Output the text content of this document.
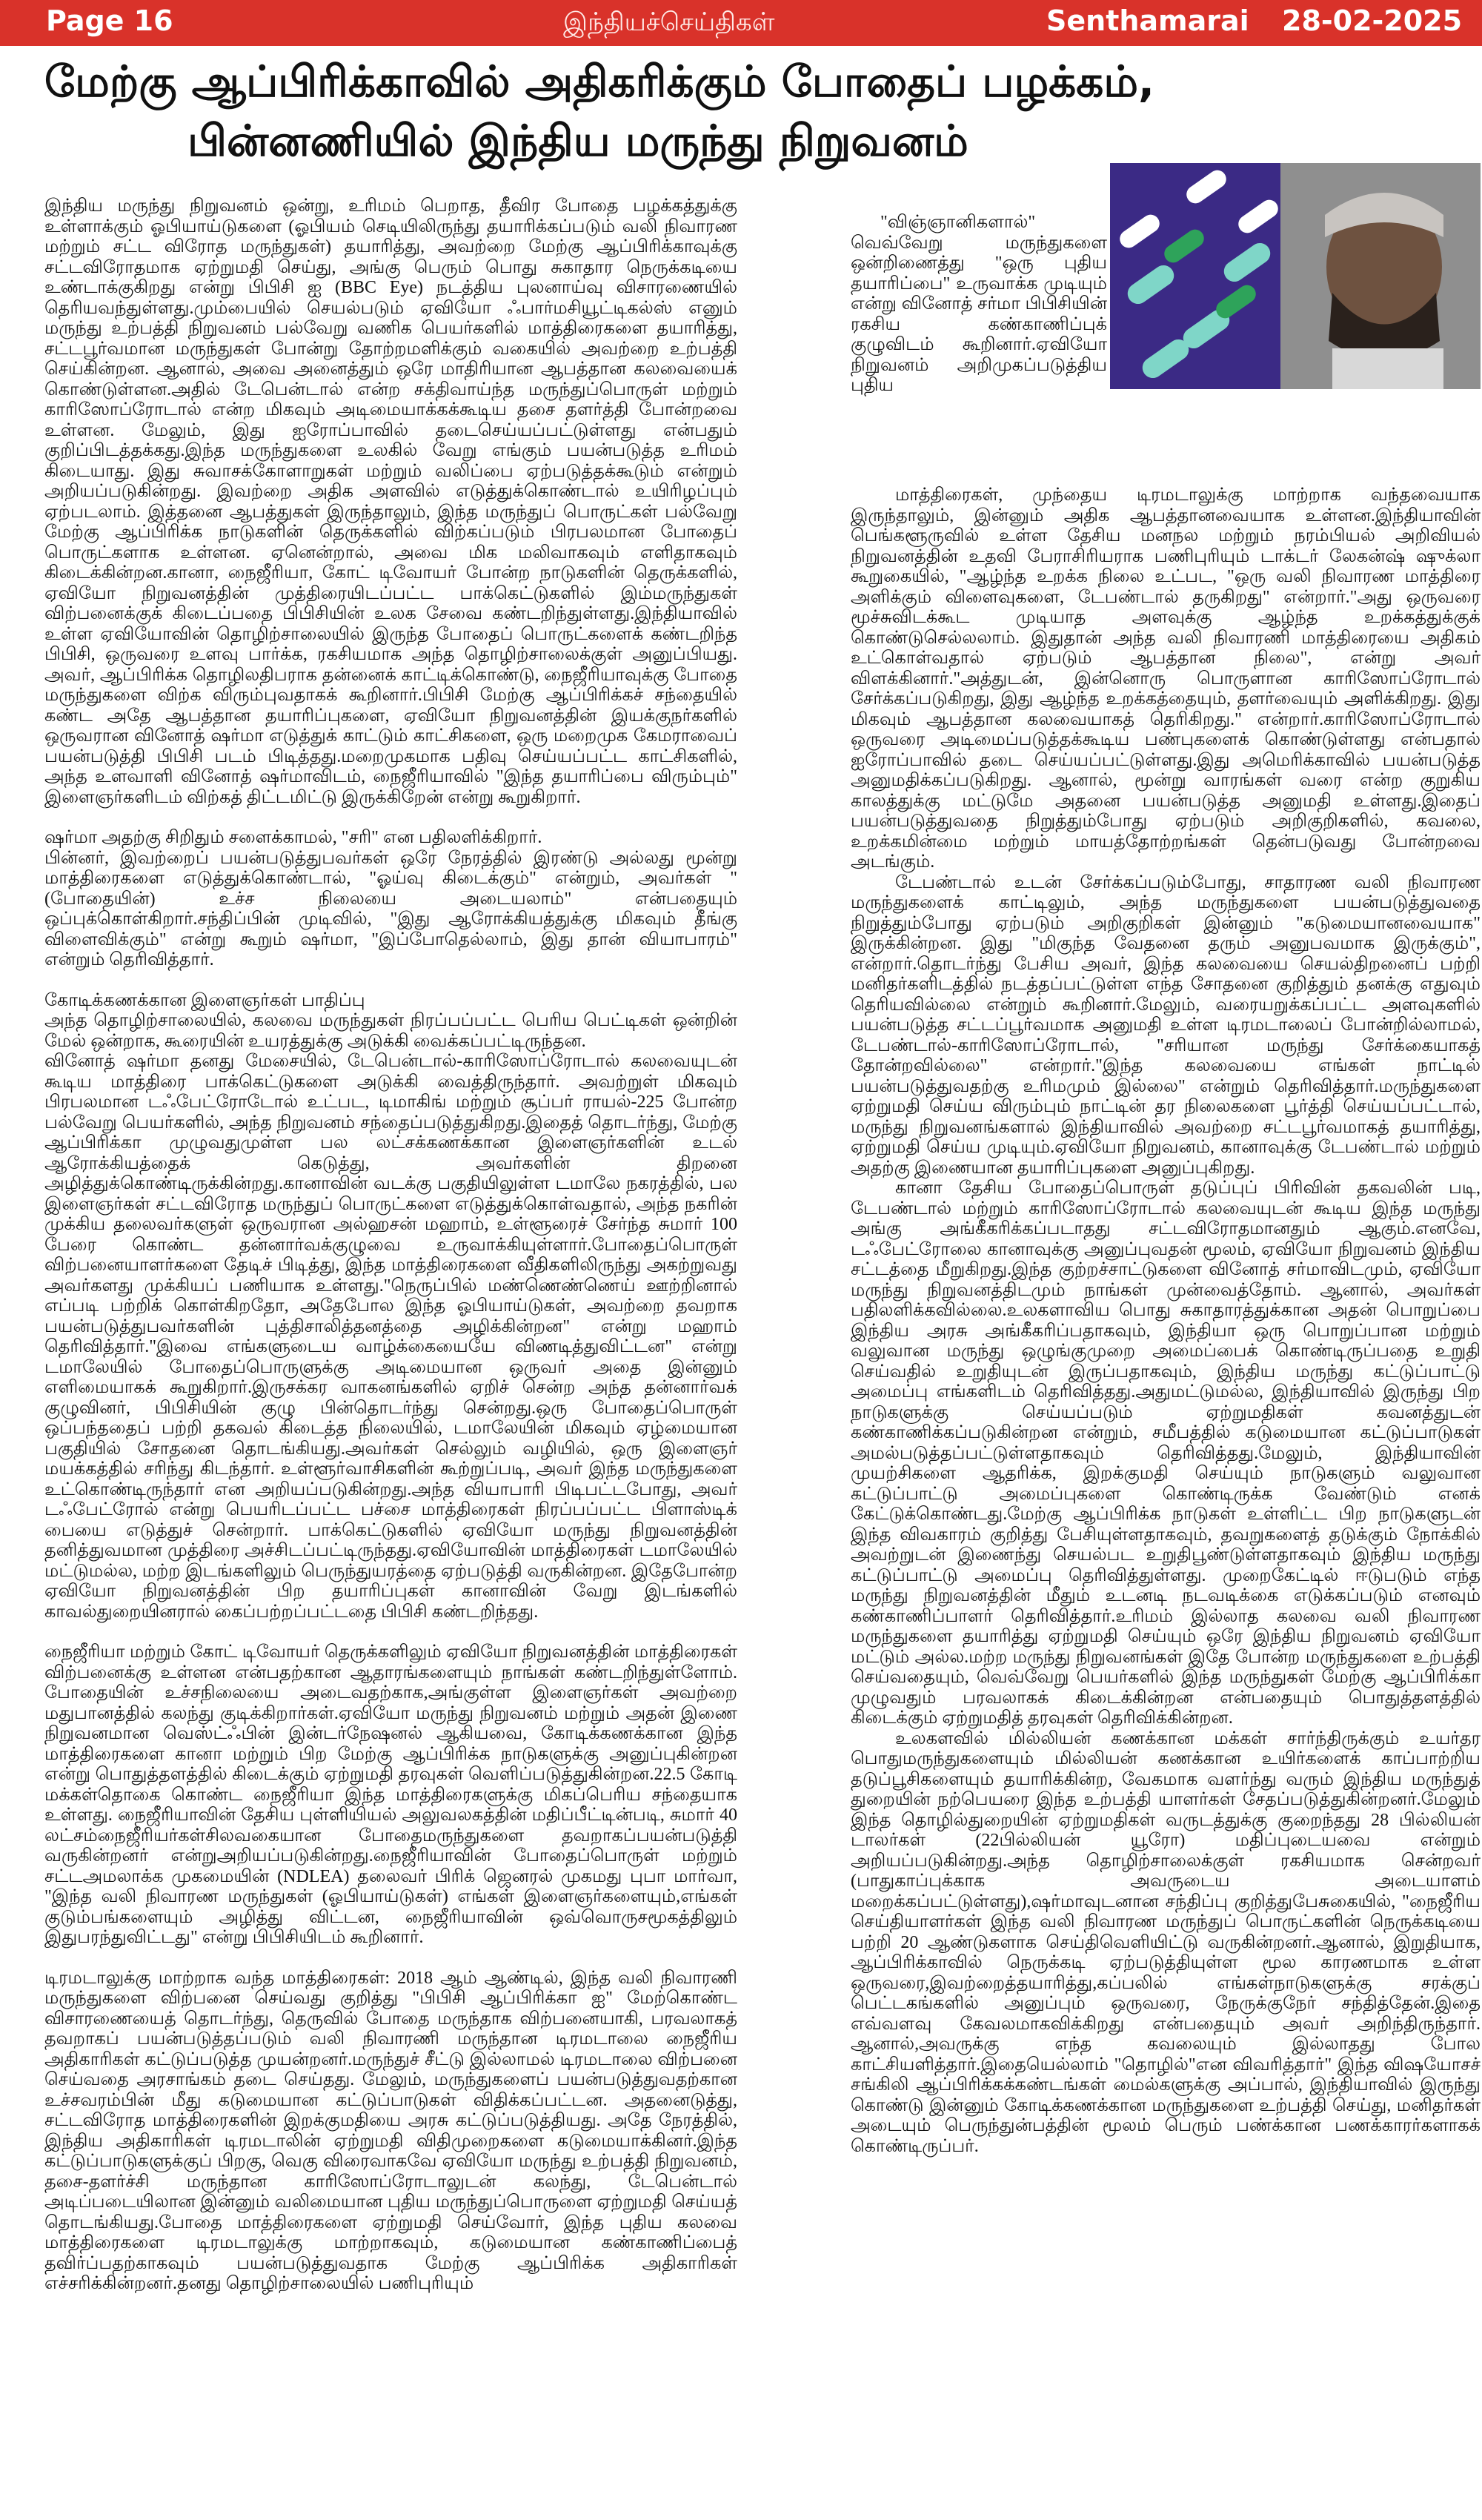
Page 16	இந்தியச்செய்திகள்	Senthamarai 28-02-2025
மேற்கு ஆப்பிரிக்காவில் அதிகரிக்கும் போதைப் பழக்கம்,
பின்னணியில் இந்திய மருந்து நிறுவனம்

இந்திய மருந்து நிறுவனம் ஒன்று, உரிமம் பெறாத, தீவிர போதை பழக்கத்துக்கு உள்ளாக்கும் ஓபியாய்டுகளை (ஓபியம் செடியிலிருந்து தயாரிக்கப்படும் வலி நிவாரண மற்றும் சட்ட விரோத மருந்துகள்) தயாரித்து, அவற்றை மேற்கு ஆப்பிரிக்காவுக்கு சட்டவிரோதமாக ஏற்றுமதி செய்து, அங்கு பெரும் பொது சுகாதார நெருக்கடியை உண்டாக்குகிறது என்று பிபிசி ஐ (BBC Eye) நடத்திய புலனாய்வு விசாரணையில் தெரியவந்துள்ளது.மும்பையில் செயல்படும் ஏவியோ ஃபார்மசியூட்டிகல்ஸ் எனும் மருந்து உற்பத்தி நிறுவனம் பல்வேறு வணிக பெயர்களில் மாத்திரைகளை தயாரித்து, சட்டபூர்வமான மருந்துகள் போன்று தோற்றமளிக்கும் வகையில் அவற்றை உற்பத்தி செய்கின்றன. ஆனால், அவை அனைத்தும் ஒரே மாதிரியான ஆபத்தான கலவையைக் கொண்டுள்ளன.அதில் டேபென்டால் என்ற சக்திவாய்ந்த மருந்துப்பொருள் மற்றும் காரிஸோப்ரோடால் என்ற மிகவும் அடிமையாக்கக்கூடிய தசை தளர்த்தி போன்றவை உள்ளன. மேலும், இது ஐரோப்பாவில் தடைசெய்யப்பட்டுள்ளது என்பதும் குறிப்பிடத்தக்கது.இந்த மருந்துகளை உலகில் வேறு எங்கும் பயன்படுத்த உரிமம் கிடையாது. இது சுவாசக்கோளாறுகள் மற்றும் வலிப்பை ஏற்படுத்தக்கூடும் என்றும் அறியப்படுகின்றது. இவற்றை அதிக அளவில் எடுத்துக்கொண்டால் உயிரிழப்பும் ஏற்படலாம். இத்தனை ஆபத்துகள் இருந்தாலும், இந்த மருந்துப் பொருட்கள் பல்வேறு மேற்கு ஆப்பிரிக்க நாடுகளின் தெருக்களில் விற்கப்படும் பிரபலமான போதைப் பொருட்களாக உள்ளன. ஏனென்றால், அவை மிக மலிவாகவும் எளிதாகவும் கிடைக்கின்றன.கானா, நைஜீரியா, கோட் டிவோயர் போன்ற நாடுகளின் தெருக்களில், ஏவியோ நிறுவனத்தின் முத்திரையிடப்பட்ட பாக்கெட்டுகளில் இம்மருந்துகள் விற்பனைக்குக் கிடைப்பதை பிபிசியின் உலக சேவை கண்டறிந்துள்ளது.இந்தியாவில் உள்ள ஏவியோவின் தொழிற்சாலையில் இருந்த போதைப் பொருட்களைக் கண்டறிந்த பிபிசி, ஒருவரை உளவு பார்க்க, ரகசியமாக அந்த தொழிற்சாலைக்குள் அனுப்பியது. அவர், ஆப்பிரிக்க தொழிலதிபராக தன்னைக் காட்டிக்கொண்டு, நைஜீரியாவுக்கு போதை மருந்துகளை விற்க விரும்புவதாகக் கூறினார்.பிபிசி மேற்கு ஆப்பிரிக்கச் சந்தையில் கண்ட அதே ஆபத்தான தயாரிப்புகளை, ஏவியோ நிறுவனத்தின் இயக்குநர்களில் ஒருவரான வினோத் ஷர்மா எடுத்துக் காட்டும் காட்சிகளை, ஒரு மறைமுக கேமராவைப் பயன்படுத்தி பிபிசி படம் பிடித்தது.மறைமுகமாக பதிவு செய்யப்பட்ட காட்சிகளில், அந்த உளவாளி வினோத் ஷர்மாவிடம், நைஜீரியாவில் "இந்த தயாரிப்பை விரும்பும்" இளைஞர்களிடம் விற்கத் திட்டமிட்டு இருக்கிறேன் என்று கூறுகிறார்.

ஷர்மா அதற்கு சிறிதும் சளைக்காமல், "சரி" என பதிலளிக்கிறார்.
பின்னர், இவற்றைப் பயன்படுத்துபவர்கள் ஒரே நேரத்தில் இரண்டு அல்லது மூன்று மாத்திரைகளை எடுத்துக்கொண்டால், "ஓய்வு கிடைக்கும்" என்றும், அவர்கள் "(போதையின்) உச்ச நிலையை அடையலாம்" என்பதையும் ஒப்புக்கொள்கிறார்.சந்திப்பின் முடிவில், "இது ஆரோக்கியத்துக்கு மிகவும் தீங்கு விளைவிக்கும்" என்று கூறும் ஷர்மா, "இப்போதெல்லாம், இது தான் வியாபாரம்" என்றும் தெரிவித்தார்.

கோடிக்கணக்கான இளைஞர்கள் பாதிப்பு
அந்த தொழிற்சாலையில், கலவை மருந்துகள் நிரப்பப்பட்ட பெரிய பெட்டிகள் ஒன்றின் மேல் ஒன்றாக, கூரையின் உயரத்துக்கு அடுக்கி வைக்கப்பட்டிருந்தன.
வினோத் ஷர்மா தனது மேசையில், டேபென்டால்-காரிஸோப்ரோடால் கலவையுடன் கூடிய மாத்திரை பாக்கெட்டுகளை அடுக்கி வைத்திருந்தார். அவற்றுள் மிகவும் பிரபலமான டஃபேட்ரோடோல் உட்பட, டிமாகிங் மற்றும் சூப்பர் ராயல்-225 போன்ற பல்வேறு பெயர்களில், அந்த நிறுவனம் சந்தைப்படுத்துகிறது.இதைத் தொடர்ந்து, மேற்கு ஆப்பிரிக்கா முழுவதுமுள்ள பல லட்சக்கணக்கான இளைஞர்களின் உடல் ஆரோக்கியத்தைக் கெடுத்து, அவர்களின் திறனை அழித்துக்கொண்டிருக்கின்றது.கானாவின் வடக்கு பகுதியிலுள்ள டமாலே நகரத்தில், பல இளைஞர்கள் சட்டவிரோத மருந்துப் பொருட்களை எடுத்துக்கொள்வதால், அந்த நகரின் முக்கிய தலைவர்களுள் ஒருவரான அல்ஹசன் மஹாம், உள்ளூரைச் சேர்ந்த சுமார் 100 பேரை கொண்ட தன்னார்வக்குழுவை உருவாக்கியுள்ளார்.போதைப்பொருள் விற்பனையாளர்களை தேடிச் பிடித்து, இந்த மாத்திரைகளை வீதிகளிலிருந்து அகற்றுவது அவர்களது முக்கியப் பணியாக உள்ளது."நெருப்பில் மண்ணெண்ணெய் ஊற்றினால் எப்படி பற்றிக் கொள்கிறதோ, அதேபோல இந்த ஓபியாய்டுகள், அவற்றை தவறாக பயன்படுத்துபவர்களின் புத்திசாலித்தனத்தை அழிக்கின்றன" என்று மஹாம் தெரிவித்தார்."இவை எங்களுடைய வாழ்க்கையையே விணடித்துவிட்டன" என்று டமாலேயில் போதைப்பொருளுக்கு அடிமையான ஒருவர் அதை இன்னும் எளிமையாகக் கூறுகிறார்.இருசக்கர வாகனங்களில் ஏறிச் சென்ற அந்த தன்னார்வக் குழுவினர், பிபிசியின் குழு பின்தொடர்ந்து சென்றது.ஒரு போதைப்பொருள் ஒப்பந்ததைப் பற்றி தகவல் கிடைத்த நிலையில், டமாலேயின் மிகவும் ஏழ்மையான பகுதியில் சோதனை தொடங்கியது.அவர்கள் செல்லும் வழியில், ஒரு இளைஞர் மயக்கத்தில் சரிந்து கிடந்தார். உள்ளூர்வாசிகளின் கூற்றுப்படி, அவர் இந்த மருந்துகளை உட்கொண்டிருந்தார் என அறியப்படுகின்றது.அந்த வியாபாரி பிடிபட்டபோது, அவர் டஃபேட்ரோல் என்று பெயரிடப்பட்ட பச்சை மாத்திரைகள் நிரப்பப்பட்ட பிளாஸ்டிக் பையை எடுத்துச் சென்றார். பாக்கெட்டுகளில் ஏவியோ மருந்து நிறுவனத்தின் தனித்துவமான முத்திரை அச்சிடப்பட்டிருந்தது.ஏவியோவின் மாத்திரைகள் டமாலேயில் மட்டுமல்ல, மற்ற இடங்களிலும் பெருந்துயரத்தை ஏற்படுத்தி வருகின்றன. இதேபோன்ற ஏவியோ நிறுவனத்தின் பிற தயாரிப்புகள் கானாவின் வேறு இடங்களில் காவல்துறையினரால் கைப்பற்றப்பட்டதை பிபிசி கண்டறிந்தது.

நைஜீரியா மற்றும் கோட் டிவோயர் தெருக்களிலும் ஏவியோ நிறுவனத்தின் மாத்திரைகள் விற்பனைக்கு உள்ளன என்பதற்கான ஆதாரங்களையும் நாங்கள் கண்டறிந்துள்ளோம். போதையின் உச்சநிலையை அடைவதற்காக,அங்குள்ள இளைஞர்கள் அவற்றை மதுபானத்தில் கலந்து குடிக்கிறார்கள்.ஏவியோ மருந்து நிறுவனம் மற்றும் அதன் இணை நிறுவனமான வெஸ்ட்ஃபின் இன்டர்நேஷனல் ஆகியவை, கோடிக்கணக்கான இந்த மாத்திரைகளை கானா மற்றும் பிற மேற்கு ஆப்பிரிக்க நாடுகளுக்கு அனுப்புகின்றன என்று பொதுத்தளத்தில் கிடைக்கும் ஏற்றுமதி தரவுகள் வெளிப்படுத்துகின்றன.22.5 கோடி மக்கள்தொகை கொண்ட நைஜீரியா இந்த மாத்திரைகளுக்கு மிகப்பெரிய சந்தையாக உள்ளது. நைஜீரியாவின் தேசிய புள்ளியியல் அலுவலகத்தின் மதிப்பீட்டின்படி, சுமார் 40 லட்சம்நைஜீரியர்கள்சிலவகையான போதைமருந்துகளை தவறாகப்பயன்படுத்தி வருகின்றனர் என்றுஅறியப்படுகின்றது.நைஜீரியாவின் போதைப்பொருள் மற்றும் சட்டஅமலாக்க முகமையின் (NDLEA) தலைவர் பிரிக் ஜெனரல் முகமது புபா மார்வா, "இந்த வலி நிவாரண மருந்துகள் (ஓபியாய்டுகள்) எங்கள் இளைஞர்களையும்,எங்கள் குடும்பங்களையும் அழித்து விட்டன, நைஜீரியாவின் ஒவ்வொருசமூகத்திலும் இதுபரந்துவிட்டது" என்று பிபிசியிடம் கூறினார்.

டிரமடாலுக்கு மாற்றாக வந்த மாத்திரைகள்: 2018 ஆம் ஆண்டில், இந்த வலி நிவாரணி மருந்துகளை விற்பனை செய்வது குறித்து "பிபிசி ஆப்பிரிக்கா ஐ" மேற்கொண்ட விசாரணையைத் தொடர்ந்து, தெருவில் போதை மருந்தாக விற்பனையாகி, பரவலாகத் தவறாகப் பயன்படுத்தப்படும் வலி நிவாரணி மருந்தான டிரமடாலை நைஜீரிய அதிகாரிகள் கட்டுப்படுத்த முயன்றனர்.மருந்துச் சீட்டு இல்லாமல் டிரமடாலை விற்பனை செய்வதை அரசாங்கம் தடை செய்தது. மேலும், மருந்துகளைப் பயன்படுத்துவதற்கான உச்சவரம்பின் மீது கடுமையான கட்டுப்பாடுகள் விதிக்கப்பட்டன. அதனைடுத்து, சட்டவிரோத மாத்திரைகளின் இறக்குமதியை அரசு கட்டுப்படுத்தியது. அதே நேரத்தில், இந்திய அதிகாரிகள் டிரமடாலின் ஏற்றுமதி விதிமுறைகளை கடுமையாக்கினர்.இந்த கட்டுப்பாடுகளுக்குப் பிறகு, வெகு விரைவாகவே ஏவியோ மருந்து உற்பத்தி நிறுவனம், தசை-தளர்ச்சி மருந்தான காரிஸோப்ரோடாலுடன் கலந்து, டேபென்டால் அடிப்படையிலான இன்னும் வலிமையான புதிய மருந்துப்பொருளை ஏற்றுமதி செய்யத் தொடங்கியது.போதை மாத்திரைகளை ஏற்றுமதி செய்வோர், இந்த புதிய கலவை மாத்திரைகளை டிரமடாலுக்கு மாற்றாகவும், கடுமையான கண்காணிப்பைத் தவிர்ப்பதற்காகவும் பயன்படுத்துவதாக மேற்கு ஆப்பிரிக்க அதிகாரிகள் எச்சரிக்கின்றனர்.தனது தொழிற்சாலையில் பணிபுரியும்

"விஞ்ஞானிகளால்" வெவ்வேறு மருந்துகளை ஒன்றிணைத்து "ஒரு புதிய தயாரிப்பை" உருவாக்க முடியும் என்று வினோத் சர்மா பிபிசியின் ரகசிய கண்காணிப்புக் குழுவிடம் கூறினார்.ஏவியோ நிறுவனம் அறிமுகப்படுத்திய புதிய

மாத்திரைகள், முந்தைய டிரமடாலுக்கு மாற்றாக வந்தவையாக இருந்தாலும், இன்னும் அதிக ஆபத்தானவையாக உள்ளன.இந்தியாவின் பெங்களூருவில் உள்ள தேசிய மனநல மற்றும் நரம்பியல் அறிவியல் நிறுவனத்தின் உதவி பேராசிரியராக பணிபுரியும் டாக்டர் லேகன்ஷ் ஷுக்லா கூறுகையில், "ஆழ்ந்த உறக்க நிலை உட்பட, "ஒரு வலி நிவாரண மாத்திரை அளிக்கும் விளைவுகளை, டேபண்டால் தருகிறது" என்றார்."அது ஒருவரை மூச்சுவிடக்கூட முடியாத அளவுக்கு ஆழ்ந்த உறக்கத்துக்குக் கொண்டுசெல்லலாம். இதுதான் அந்த வலி நிவாரணி மாத்திரையை அதிகம் உட்கொள்வதால் ஏற்படும் ஆபத்தான நிலை", என்று அவர் விளக்கினார்."அத்துடன், இன்னொரு பொருளான காரிஸோப்ரோடால் சேர்க்கப்படுகிறது, இது ஆழ்ந்த உறக்கத்தையும், தளர்வையும் அளிக்கிறது. இது மிகவும் ஆபத்தான கலவையாகத் தெரிகிறது." என்றார்.காரிஸோப்ரோடால் ஒருவரை அடிமைப்படுத்தக்கூடிய பண்புகளைக் கொண்டுள்ளது என்பதால் ஐரோப்பாவில் தடை செய்யப்பட்டுள்ளது.இது அமெரிக்காவில் பயன்படுத்த அனுமதிக்கப்படுகிறது. ஆனால், மூன்று வாரங்கள் வரை என்ற குறுகிய காலத்துக்கு மட்டுமே அதனை பயன்படுத்த அனுமதி உள்ளது.இதைப் பயன்படுத்துவதை நிறுத்தும்போது ஏற்படும் அறிகுறிகளில், கவலை, உறக்கமின்மை மற்றும் மாயத்தோற்றங்கள் தென்படுவது போன்றவை அடங்கும்.

டேபண்டால் உடன் சேர்க்கப்படும்போது, சாதாரண வலி நிவாரண மருந்துகளைக் காட்டிலும், அந்த மருந்துகளை பயன்படுத்துவதை நிறுத்தும்போது ஏற்படும் அறிகுறிகள் இன்னும் "கடுமையானவையாக" இருக்கின்றன. இது "மிகுந்த வேதனை தரும் அனுபவமாக இருக்கும்", என்றார்.தொடர்ந்து பேசிய அவர், இந்த கலவையை செயல்திறனைப் பற்றி மனிதர்களிடத்தில் நடத்தப்பட்டுள்ள எந்த சோதனை குறித்தும் தனக்கு எதுவும் தெரியவில்லை என்றும் கூறினார்.மேலும், வரையறுக்கப்பட்ட அளவுகளில் பயன்படுத்த சட்டப்பூர்வமாக அனுமதி உள்ள டிரமடாலைப் போன்றில்லாமல், டேபண்டால்-காரிஸோப்ரோடால், "சரியான மருந்து சேர்க்கையாகத் தோன்றவில்லை" என்றார்."இந்த கலவையை எங்கள் நாட்டில் பயன்படுத்துவதற்கு உரிமமும் இல்லை" என்றும் தெரிவித்தார்.மருந்துகளை ஏற்றுமதி செய்ய விரும்பும் நாட்டின் தர நிலைகளை பூர்த்தி செய்யப்பட்டால், மருந்து நிறுவனங்களால் இந்தியாவில் அவற்றை சட்டபூர்வமாகத் தயாரித்து, ஏற்றுமதி செய்ய முடியும்.ஏவியோ நிறுவனம், கானாவுக்கு டேபண்டால் மற்றும் அதற்கு இணையான தயாரிப்புகளை அனுப்புகிறது.

கானா தேசிய போதைப்பொருள் தடுப்புப் பிரிவின் தகவலின் படி, டேபண்டால் மற்றும் காரிஸோப்ரோடால் கலவையுடன் கூடிய இந்த மருந்து அங்கு அங்கீகரிக்கப்படாதது சட்டவிரோதமானதும் ஆகும்.எனவே, டஃபேட்ரோலை கானாவுக்கு அனுப்புவதன் மூலம், ஏவியோ நிறுவனம் இந்திய சட்டத்தை மீறுகிறது.இந்த குற்றச்சாட்டுகளை வினோத் சர்மாவிடமும், ஏவியோ மருந்து நிறுவனத்திடமும் நாங்கள் முன்வைத்தோம். ஆனால், அவர்கள் பதிலளிக்கவில்லை.உலகளாவிய பொது சுகாதாரத்துக்கான அதன் பொறுப்பை இந்திய அரசு அங்கீகரிப்பதாகவும், இந்தியா ஒரு பொறுப்பான மற்றும் வலுவான மருந்து ஒழுங்குமுறை அமைப்பைக் கொண்டிருப்பதை உறுதி செய்வதில் உறுதியுடன் இருப்பதாகவும், இந்திய மருந்து கட்டுப்பாட்டு அமைப்பு எங்களிடம் தெரிவித்தது.அதுமட்டுமல்ல, இந்தியாவில் இருந்து பிற நாடுகளுக்கு செய்யப்படும் ஏற்றுமதிகள் கவனத்துடன் கண்காணிக்கப்படுகின்றன என்றும், சமீபத்தில் கடுமையான கட்டுப்பாடுகள் அமல்படுத்தப்பட்டுள்ளதாகவும் தெரிவித்தது.மேலும், இந்தியாவின் முயற்சிகளை ஆதரிக்க, இறக்குமதி செய்யும் நாடுகளும் வலுவான கட்டுப்பாட்டு அமைப்புகளை கொண்டிருக்க வேண்டும் எனக் கேட்டுக்கொண்டது.மேற்கு ஆப்பிரிக்க நாடுகள் உள்ளிட்ட பிற நாடுகளுடன் இந்த விவகாரம் குறித்து பேசியுள்ளதாகவும், தவறுகளைத் தடுக்கும் நோக்கில் அவற்றுடன் இணைந்து செயல்பட உறுதிபூண்டுள்ளதாகவும் இந்திய மருந்து கட்டுப்பாட்டு அமைப்பு தெரிவித்துள்ளது. முறைகேட்டில் ஈடுபடும் எந்த மருந்து நிறுவனத்தின் மீதும் உடனடி நடவடிக்கை எடுக்கப்படும் எனவும் கண்காணிப்பாளர் தெரிவித்தார்.உரிமம் இல்லாத கலவை வலி நிவாரண மருந்துகளை தயாரித்து ஏற்றுமதி செய்யும் ஒரே இந்திய நிறுவனம் ஏவியோ மட்டும் அல்ல.மற்ற மருந்து நிறுவனங்கள் இதே போன்ற மருந்துகளை உற்பத்தி செய்வதையும், வெவ்வேறு பெயர்களில் இந்த மருந்துகள் மேற்கு ஆப்பிரிக்கா முழுவதும் பரவலாகக் கிடைக்கின்றன என்பதையும் பொதுத்தளத்தில் கிடைக்கும் ஏற்றுமதித் தரவுகள் தெரிவிக்கின்றன.

உலகளவில் மில்லியன் கணக்கான மக்கள் சார்ந்திருக்கும் உயர்தர பொதுமருந்துகளையும் மில்லியன் கணக்கான உயிர்களைக் காப்பாற்றிய தடுப்பூசிகளையும் தயாரிக்கின்ற, வேகமாக வளர்ந்து வரும் இந்திய மருந்துத் துறையின் நற்பெயரை இந்த உற்பத்தி யாளர்கள் சேதப்படுத்துகின்றனர்.மேலும் இந்த தொழில்துறையின் ஏற்றுமதிகள் வருடத்துக்கு குறைந்தது 28 பில்லியன் டாலர்கள் (22பில்லியன் யூரோ) மதிப்புடையவை என்றும் அறியப்படுகின்றது.அந்த தொழிற்சாலைக்குள் ரகசியமாக சென்றவர் (பாதுகாப்புக்காக அவருடைய அடையாளம் மறைக்கப்பட்டுள்ளது),ஷர்மாவுடனான சந்திப்பு குறித்துபேசுகையில், "நைஜீரிய செய்தியாளர்கள் இந்த வலி நிவாரண மருந்துப் பொருட்களின் நெருக்கடியை பற்றி 20 ஆண்டுகளாக செய்திவெளியிட்டு வருகின்றனர்.ஆனால், இறுதியாக, ஆப்பிரிக்காவில் நெருக்கடி ஏற்படுத்தியுள்ள மூல காரணமாக உள்ள ஒருவரை,இவற்றைத்தயாரித்து,கப்பலில் எங்கள்நாடுகளுக்கு சரக்குப் பெட்டகங்களில் அனுப்பும் ஒருவரை, நேருக்குநேர் சந்தித்தேன்.இதை எவ்வளவு கேவலமாகவிக்கிறது என்பதையும் அவர் அறிந்திருந்தார். ஆனால்,அவருக்கு எந்த கவலையும் இல்லாதது போல காட்சியளித்தார்.இதையெல்லாம் "தொழில்"என விவரித்தார்" இந்த விஷயோசச் சங்கிலி ஆப்பிரிக்கக்கண்டங்கள் மைல்களுக்கு அப்பால், இந்தியாவில் இருந்து கொண்டு இன்னும் கோடிக்கணக்கான மருந்துகளை உற்பத்தி செய்து, மனிதர்கள் அடையும் பெருந்துன்பத்தின் மூலம் பெரும் பண்க்கான பணக்காரர்களாகக் கொண்டிருப்பர்.
